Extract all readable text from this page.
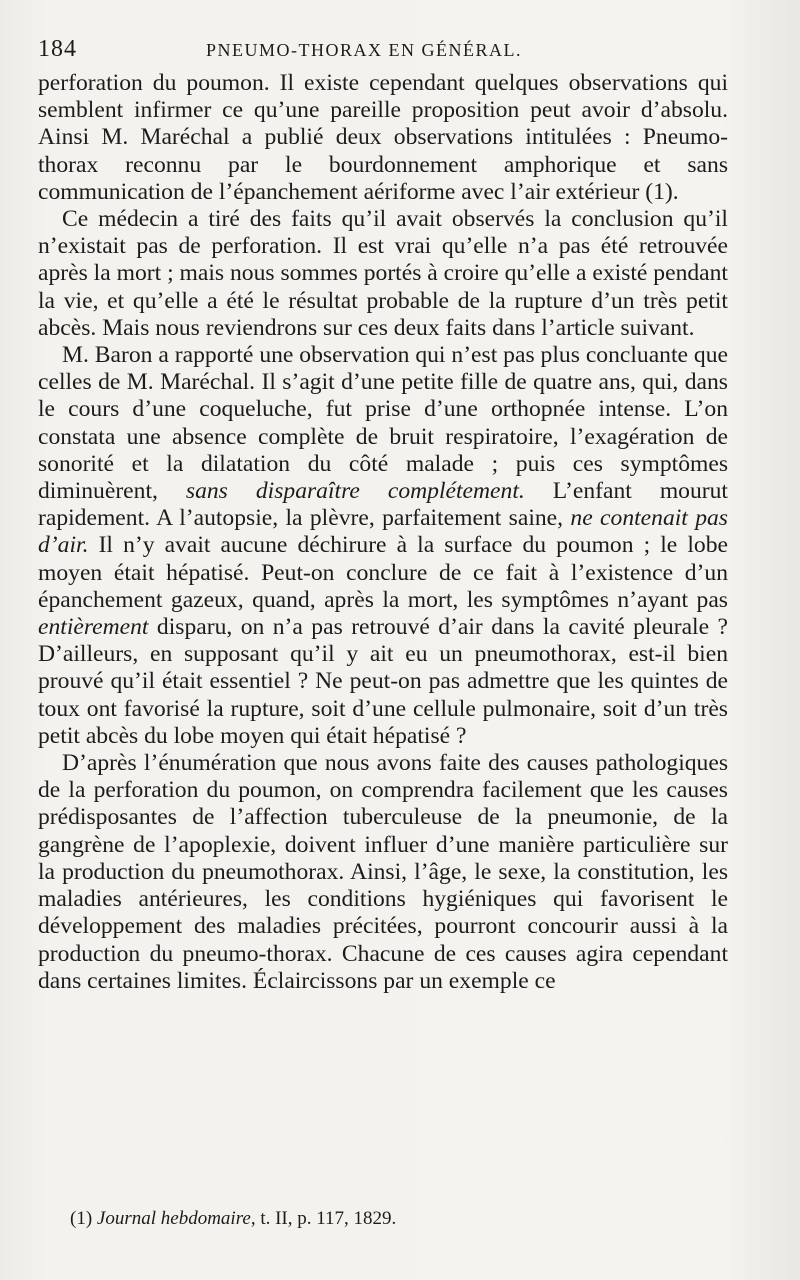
184	PNEUMO-THORAX EN GÉNÉRAL.

perforation du poumon. Il existe cependant quelques observations qui semblent infirmer ce qu’une pareille proposition peut avoir d’absolu. Ainsi M. Maréchal a publié deux observations intitulées : Pneumo-thorax reconnu par le bourdonnement amphorique et sans communication de l’épanchement aériforme avec l’air extérieur (1).

Ce médecin a tiré des faits qu’il avait observés la conclusion qu’il n’existait pas de perforation. Il est vrai qu’elle n’a pas été retrouvée après la mort ; mais nous sommes portés à croire qu’elle a existé pendant la vie, et qu’elle a été le résultat probable de la rupture d’un très petit abcès. Mais nous reviendrons sur ces deux faits dans l’article suivant.

M. Baron a rapporté une observation qui n’est pas plus concluante que celles de M. Maréchal. Il s’agit d’une petite fille de quatre ans, qui, dans le cours d’une coqueluche, fut prise d’une orthopnée intense. L’on constata une absence complète de bruit respiratoire, l’exagération de sonorité et la dilatation du côté malade ; puis ces symptômes diminuèrent, sans disparaître complétement. L’enfant mourut rapidement. A l’autopsie, la plèvre, parfaitement saine, ne contenait pas d’air. Il n’y avait aucune déchirure à la surface du poumon ; le lobe moyen était hépatisé. Peut-on conclure de ce fait à l’existence d’un épanchement gazeux, quand, après la mort, les symptômes n’ayant pas entièrement disparu, on n’a pas retrouvé d’air dans la cavité pleurale ? D’ailleurs, en supposant qu’il y ait eu un pneumothorax, est-il bien prouvé qu’il était essentiel ? Ne peut-on pas admettre que les quintes de toux ont favorisé la rupture, soit d’une cellule pulmonaire, soit d’un très petit abcès du lobe moyen qui était hépatisé ?

D’après l’énumération que nous avons faite des causes pathologiques de la perforation du poumon, on comprendra facilement que les causes prédisposantes de l’affection tuberculeuse de la pneumonie, de la gangrène de l’apoplexie, doivent influer d’une manière particulière sur la production du pneumothorax. Ainsi, l’âge, le sexe, la constitution, les maladies antérieures, les conditions hygiéniques qui favorisent le développement des maladies précitées, pourront concourir aussi à la production du pneumo-thorax. Chacune de ces causes agira cependant dans certaines limites. Éclaircissons par un exemple ce

(1) Journal hebdomaire, t. II, p. 117, 1829.
